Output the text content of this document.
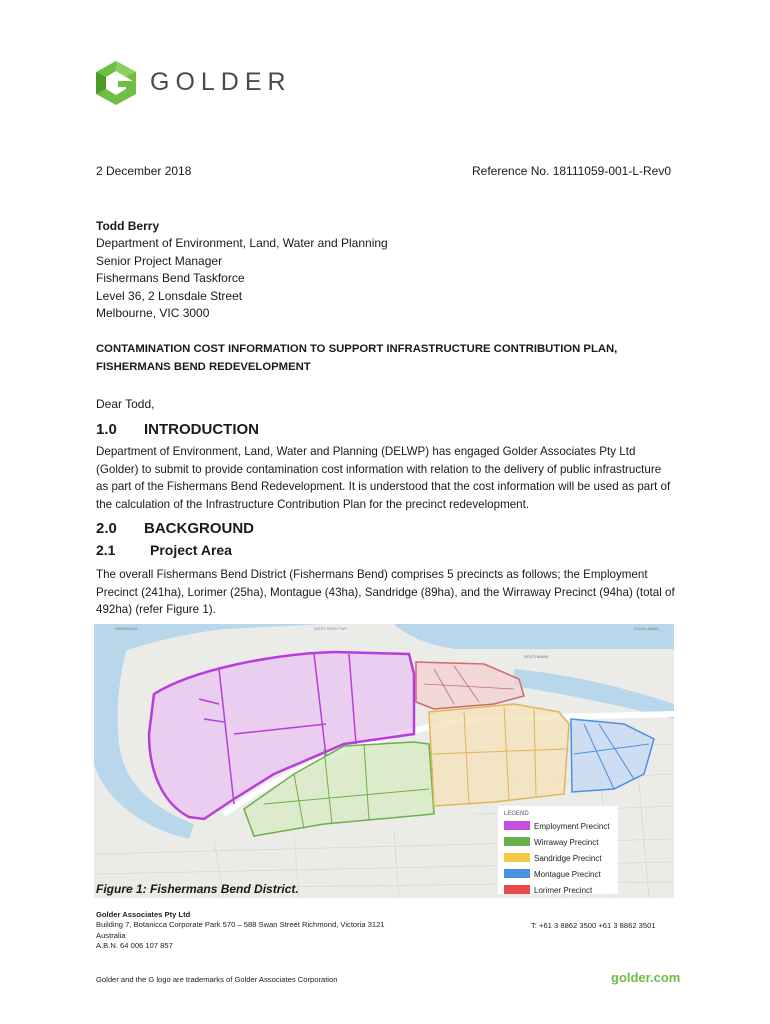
GOLDER
2 December 2018	Reference No. 18111059-001-L-Rev0
Todd Berry
Department of Environment, Land, Water and Planning
Senior Project Manager
Fishermans Bend Taskforce
Level 36, 2 Lonsdale Street
Melbourne, VIC 3000
CONTAMINATION COST INFORMATION TO SUPPORT INFRASTRUCTURE CONTRIBUTION PLAN,
FISHERMANS BEND REDEVELOPMENT
Dear Todd,
1.0 INTRODUCTION
Department of Environment, Land, Water and Planning (DELWP) has engaged Golder Associates Pty Ltd (Golder) to submit to provide contamination cost information with relation to the delivery of public infrastructure as part of the Fishermans Bend Redevelopment. It is understood that the cost information will be used as part of the calculation of the Infrastructure Contribution Plan for the precinct redevelopment.
2.0 BACKGROUND
2.1 Project Area
The overall Fishermans Bend District (Fishermans Bend) comprises 5 precincts as follows; the Employment Precinct (241ha), Lorimer (25ha), Montague (43ha), Sandridge (89ha), and the Wirraway Precinct (94ha) (total of 492ha) (refer Figure 1).
LEGEND
Employment Precinct
Wirraway Precinct
Sandridge Precinct
Montague Precinct
Lorimer Precinct
YARRAVILLE	WEST GATE FWY	DOCKLANDS
SOUTHBANK
Figure 1: Fishermans Bend District.
Golder Associates Pty Ltd
Building 7, Botanicca Corporate Park 570 – 588 Swan Street Richmond, Victoria 3121
Australia
A.B.N. 64 006 107 857
T: +61 3 8862 3500 +61 3 8862 3501
Golder and the G logo are trademarks of Golder Associates Corporation	golder.com
